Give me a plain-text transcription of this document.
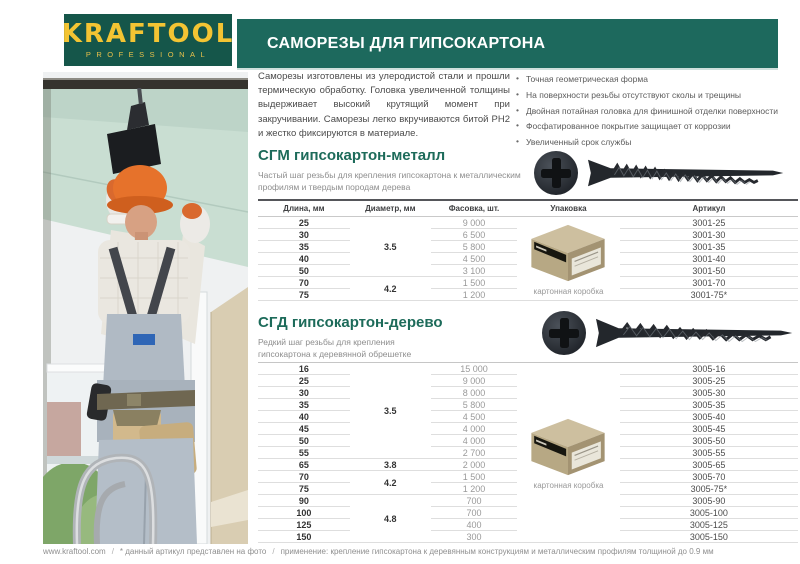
KRAFTOOL
PROFESSIONAL
САМОРЕЗЫ ДЛЯ ГИПСОКАРТОНА

Саморезы изготовлены из улеродистой стали и прошли термическую обработку. Головка увеличенной толщины выдерживает высокий крутящий момент при закручивании. Саморезы легко вкручиваются битой PH2 и жестко фиксируются в материале.

• Точная геометрическая форма
• На поверхности резьбы отсутствуют сколы и трещины
• Двойная потайная головка для финишной отделки поверхности
• Фосфатированное покрытие защищает от коррозии
• Увеличенный срок службы
СГМ гипсокартон-металл

Частый шаг резьбы для крепления гипсокартона к металлическим профилям и твердым породам дерева

Длина, мм	Диаметр, мм	Фасовка, шт.	Упаковка	Артикул
25	3.5	9 000	картонная коробка	3001-25
30		6 500		3001-30
35		5 800		3001-35
40		4 500		3001-40
50		3 100		3001-50
70	4.2	1 500		3001-70
75		1 200		3001-75*
СГД гипсокартон-дерево

Редкий шаг резьбы для крепления гипсокартона к деревянной обрешетке

16	3.5	15 000	картонная коробка	3005-16
25		9 000		3005-25
30		8 000		3005-30
35		5 800		3005-35
40		4 500		3005-40
45		4 000		3005-45
50		4 000		3005-50
55		2 700		3005-55
65	3.8	2 000		3005-65
70	4.2	1 500		3005-70
75		1 200		3005-75*
90	4.8	700		3005-90
100		700		3005-100
125		400		3005-125
150		300		3005-150
www.kraftool.com / * данный артикул представлен на фото / применение: крепление гипсокартона к деревянным конструкциям и металлическим профилям толщиной до 0.9 мм
